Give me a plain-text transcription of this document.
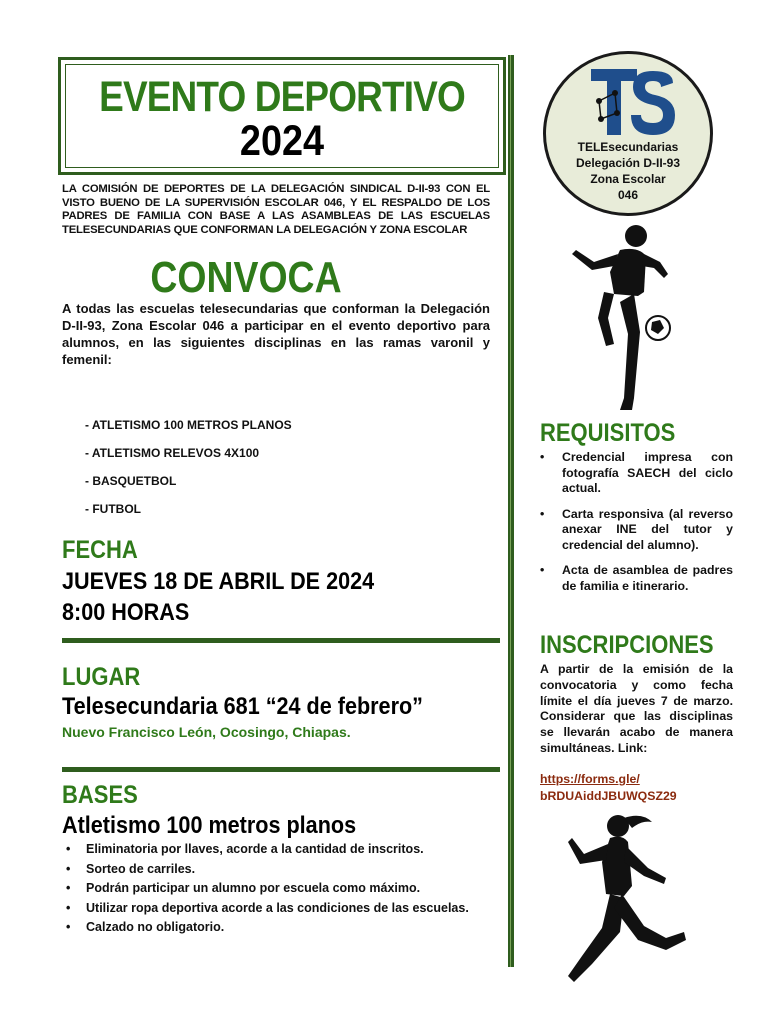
EVENTO DEPORTIVO
2024
LA COMISIÓN DE DEPORTES DE LA DELEGACIÓN SINDICAL D-II-93 CON EL VISTO BUENO DE LA SUPERVISIÓN ESCOLAR 046, Y EL RESPALDO DE LOS PADRES DE FAMILIA CON BASE A LAS ASAMBLEAS DE LAS ESCUELAS TELESECUNDARIAS QUE CONFORMAN LA DELEGACIÓN Y ZONA ESCOLAR
CONVOCA
A todas las escuelas telesecundarias que conforman la Delegación D-II-93, Zona Escolar 046 a participar en el evento deportivo para alumnos, en las siguientes disciplinas en las ramas varonil y femenil:
- ATLETISMO 100 METROS PLANOS
- ATLETISMO RELEVOS 4X100
- BASQUETBOL
- FUTBOL
FECHA
JUEVES 18 DE ABRIL DE 2024
8:00 HORAS
LUGAR
Telesecundaria 681 “24 de febrero”
Nuevo Francisco León, Ocosingo, Chiapas.
BASES
Atletismo 100 metros planos
• Eliminatoria por llaves, acorde a la cantidad de inscritos.
• Sorteo de carriles.
• Podrán participar un alumno por escuela como máximo.
• Utilizar ropa deportiva acorde a las condiciones de las escuelas.
• Calzado no obligatorio.
TELEsecundarias
Delegación D-II-93
Zona Escolar
046
REQUISITOS
• Credencial impresa con fotografía SAECH del ciclo actual.
• Carta responsiva (al reverso anexar INE del tutor y credencial del alumno).
• Acta de asamblea de padres de familia e itinerario.
INSCRIPCIONES
A partir de la emisión de la convocatoria y como fecha límite el día jueves 7 de marzo. Considerar que las disciplinas se llevarán acabo de manera simultáneas. Link:
https://forms.gle/
bRDUAiddJBUWQSZ29
